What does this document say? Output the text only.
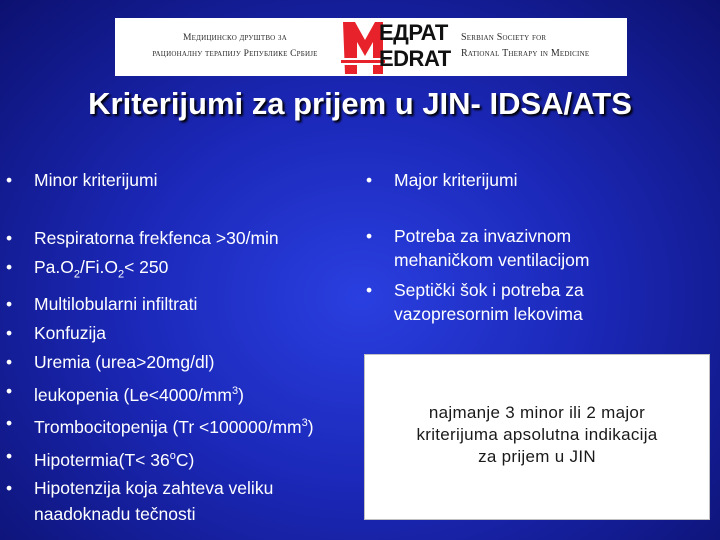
Медицинско друштво за
рационалну терапију Републике Србије
ЕДРАТ
EDRAT
Serbian Society for
Rational Therapy in Medicine
Kriterijumi za prijem u JIN- IDSA/ATS
• Minor kriterijumi
• Respiratorna frekfenca >30/min
• $Pa.O_2/Fi.O_2< 250$
• Multilobularni infiltrati
• Konfuzija
• Uremia (urea>20mg/dl)
• leukopenia $(Le<4000/mm^3)$
• Trombocitopenija $(Tr <100000/mm^3)$
• Hipotermia(T< $36^oC$)
• Hipotenzija koja zahteva veliku naadoknadu tečnosti
• Major kriterijumi
• Potreba za invazivnom mehaničkom ventilacijom
• Septički šok i potreba za vazopresornim lekovima
najmanje 3 minor ili 2 major
kriterijuma apsolutna indikacija
za prijem u JIN
